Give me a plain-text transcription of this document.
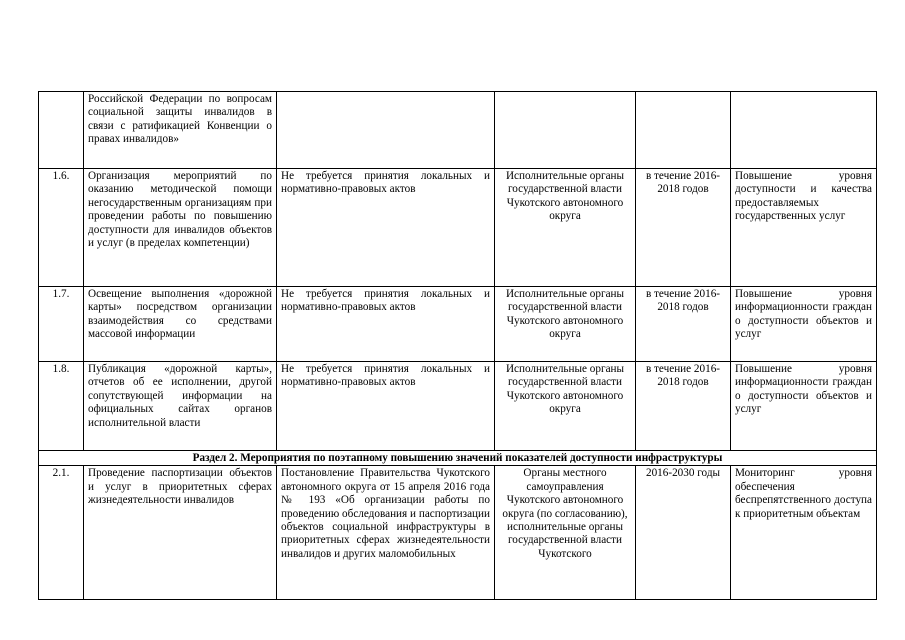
	Российской Федерации по вопросам социальной защиты инвалидов в связи с ратификацией Конвенции о правах инвалидов»				
1.6.	Организация мероприятий по оказанию методической помощи негосударственным организациям при проведении работы по повышению доступности для инвалидов объектов и услуг (в пределах компетенции)	Не требуется принятия локальных и нормативно-правовых актов	Исполнительные органы государственной власти Чукотского автономного округа	в течение 2016-2018 годов	Повышение уровня доступности и качества предоставляемых государственных услуг
1.7.	Освещение выполнения «дорожной карты» посредством организации взаимодействия со средствами массовой информации	Не требуется принятия локальных и нормативно-правовых актов	Исполнительные органы государственной власти Чукотского автономного округа	в течение 2016-2018 годов	Повышение уровня информационности граждан о доступности объектов и услуг
1.8.	Публикация «дорожной карты», отчетов об ее исполнении, другой сопутствующей информации на официальных сайтах органов исполнительной власти	Не требуется принятия локальных и нормативно-правовых актов	Исполнительные органы государственной власти Чукотского автономного округа	в течение 2016-2018 годов	Повышение уровня информационности граждан о доступности объектов и услуг
Раздел 2. Мероприятия по поэтапному повышению значений показателей доступности инфраструктуры					
2.1.	Проведение паспортизации объектов и услуг в приоритетных сферах жизнедеятельности инвалидов	Постановление Правительства Чукотского автономного округа от 15 апреля 2016 года № 193 «Об организации работы по проведению обследования и паспортизации объектов социальной инфраструктуры в приоритетных сферах жизнедеятельности инвалидов и других маломобильных	Органы местного самоуправления Чукотского автономного округа (по согласованию), исполнительные органы государственной власти Чукотского	2016-2030 годы	Мониторинг уровня обеспечения беспрепятственного доступа к приоритетным объектам
